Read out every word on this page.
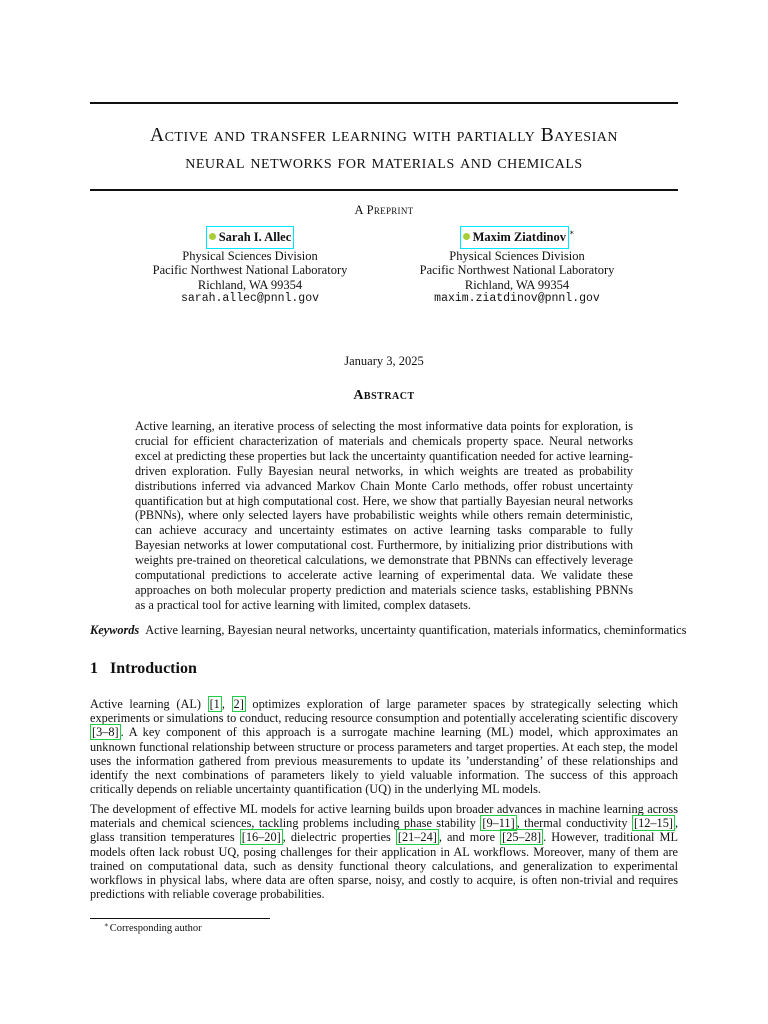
Active and transfer learning with partially Bayesian
neural networks for materials and chemicals
A Preprint
Sarah I. Allec
Physical Sciences Division
Pacific Northwest National Laboratory
Richland, WA 99354
sarah.allec@pnnl.gov
Maxim Ziatdinov ∗
Physical Sciences Division
Pacific Northwest National Laboratory
Richland, WA 99354
maxim.ziatdinov@pnnl.gov
January 3, 2025
Abstract

Active learning, an iterative process of selecting the most informative data points for exploration, is crucial for efficient characterization of materials and chemicals property space. Neural networks excel at predicting these properties but lack the uncertainty quantification needed for active learning-driven exploration. Fully Bayesian neural networks, in which weights are treated as probability distributions inferred via advanced Markov Chain Monte Carlo methods, offer robust uncertainty quantification but at high computational cost. Here, we show that partially Bayesian neural networks (PBNNs), where only selected layers have probabilistic weights while others remain deterministic, can achieve accuracy and uncertainty estimates on active learning tasks comparable to fully Bayesian networks at lower computational cost. Furthermore, by initializing prior distributions with weights pre-trained on theoretical calculations, we demonstrate that PBNNs can effectively leverage computational predictions to accelerate active learning of experimental data. We validate these approaches on both molecular property prediction and materials science tasks, establishing PBNNs as a practical tool for active learning with limited, complex datasets.

Keywords Active learning, Bayesian neural networks, uncertainty quantification, materials informatics, cheminformatics
1 Introduction

Active learning (AL) [1 , 2] optimizes exploration of large parameter spaces by strategically selecting which experiments or simulations to conduct, reducing resource consumption and potentially accelerating scientific discovery [3–8] . A key component of this approach is a surrogate machine learning (ML) model, which approximates an unknown functional relationship between structure or process parameters and target properties. At each step, the model uses the information gathered from previous measurements to update its ’understanding’ of these relationships and identify the next combinations of parameters likely to yield valuable information. The success of this approach critically depends on reliable uncertainty quantification (UQ) in the underlying ML models.

The development of effective ML models for active learning builds upon broader advances in machine learning across materials and chemical sciences, tackling problems including phase stability [9–11] , thermal conductivity [12–15] , glass transition temperatures [16–20] , dielectric properties [21–24] , and more [25–28] . However, traditional ML models often lack robust UQ, posing challenges for their application in AL workflows. Moreover, many of them are trained on computational data, such as density functional theory calculations, and generalization to experimental workflows in physical labs, where data are often sparse, noisy, and costly to acquire, is often non-trivial and requires predictions with reliable coverage probabilities.

∗Corresponding author
